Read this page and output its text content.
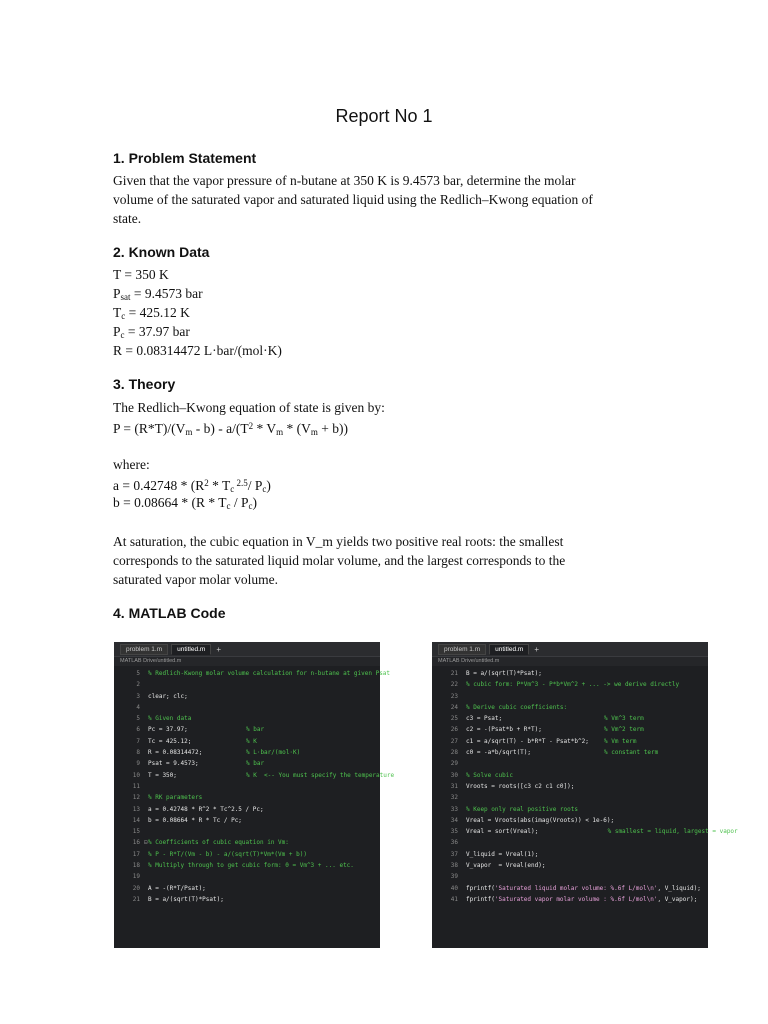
Report No 1
1. Problem Statement
Given that the vapor pressure of n-butane at 350 K is 9.4573 bar, determine the molar
volume of the saturated vapor and saturated liquid using the Redlich–Kwong equation of
state.
2. Known Data
T = 350 K
$P_{sat} = 9.4573$ bar
$T_c = 425.12$ K
$P_c = 37.97$ bar
R = 0.08314472 L·bar/(mol·K)
3. Theory
The Redlich–Kwong equation of state is given by:
$P = (R*T)/(V_m - b) - a/(T^2 * V_m * (V_m + b))$
where:
$a = 0.42748 * (R^2 * T_c$ $^{2.5}$/ $P_c$)
$b = 0.08664 * (R * T_c / P_c)$
At saturation, the cubic equation in V_m yields two positive real roots: the smallest
corresponds to the saturated liquid molar volume, and the largest corresponds to the
saturated vapor molar volume.
4. MATLAB Code
problem 1.m	untitled.m	+
MATLAB Drive/untitled.m
5 % Redlich-Kwong molar volume calculation for n-butane at given Psat
2
3 clear; clc;
4
5 % Given data
6 Pc = 37.97;	% bar
7 Tc = 425.12;	% K
8 R = 0.08314472;	% L·bar/(mol·K)
9 Psat = 9.4573;	% bar
10 T = 350;	% K  <-- You must specify the temperature
11
12 % RK parameters
13 a = 0.42748 * R^2 * Tc^2.5 / Pc;
14 b = 0.08664 * R * Tc / Pc;
15
16 ⊟ % Coefficients of cubic equation in Vm:
17 % P - R*T/(Vm - b) - a/(sqrt(T)*Vm*(Vm + b))
18 % Multiply through to get cubic form: 0 = Vm^3 + ... etc.
19
20 A = -(R*T/Psat);
21 B = a/(sqrt(T)*Psat);
problem 1.m	untitled.m	+
MATLAB Drive/untitled.m
21 B = a/(sqrt(T)*Psat);
22 % cubic form: P*Vm^3 - P*b*Vm^2 + ... -> we derive directly
23
24 % Derive cubic coefficients:
25 c3 = Psat;	% Vm^3 term
26 c2 = -(Psat*b + R*T);	% Vm^2 term
27 c1 = a/sqrt(T) - b*R*T - Psat*b^2;	% Vm term
28 c0 = -a*b/sqrt(T);	% constant term
29
30 % Solve cubic
31 Vroots = roots([c3 c2 c1 c0]);
32
33 % Keep only real positive roots
34 Vreal = Vroots(abs(imag(Vroots)) < 1e-6);
35 Vreal = sort(Vreal);	% smallest = liquid, largest = vapor
36
37 V_liquid = Vreal(1);
38 V_vapor  = Vreal(end);
39
40 fprintf('Saturated liquid molar volume: %.6f L/mol\n', V_liquid);
41 fprintf('Saturated vapor molar volume : %.6f L/mol\n', V_vapor);
